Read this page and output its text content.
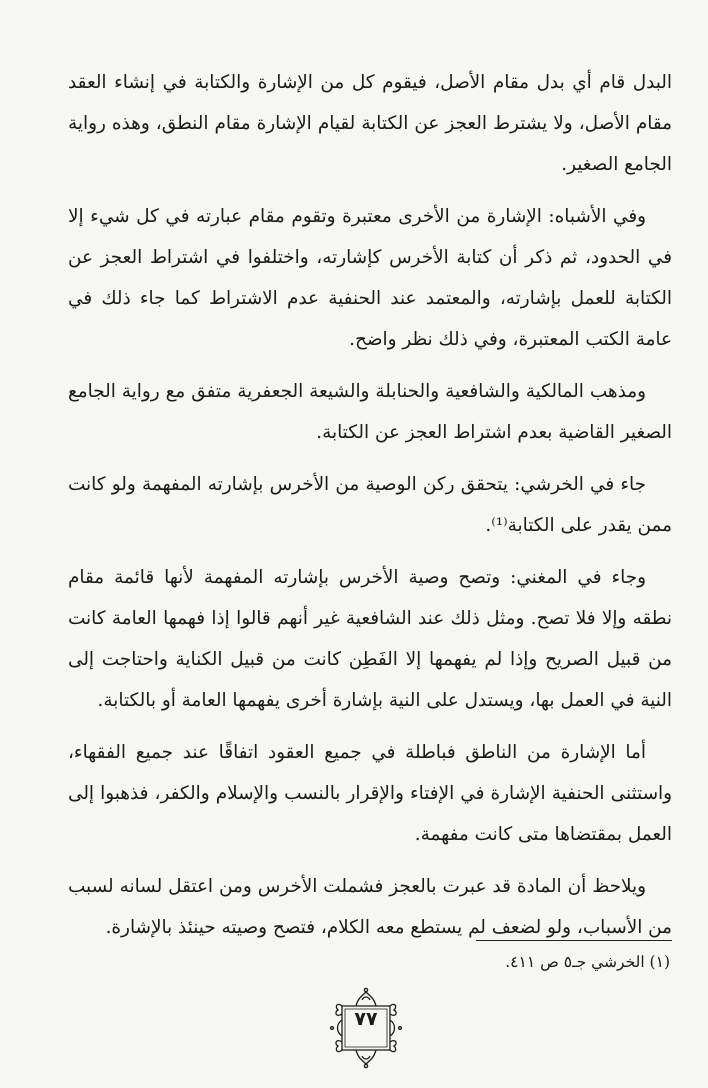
البدل قام أي بدل مقام الأصل، فيقوم كل من الإشارة والكتابة في إنشاء العقد مقام الأصل، ولا يشترط العجز عن الكتابة لقيام الإشارة مقام النطق، وهذه رواية الجامع الصغير.

وفي الأشباه: الإشارة من الأخرى معتبرة وتقوم مقام عبارته في كل شيء إلا في الحدود، ثم ذكر أن كتابة الأخرس كإشارته، واختلفوا في اشتراط العجز عن الكتابة للعمل بإشارته، والمعتمد عند الحنفية عدم الاشتراط كما جاء ذلك في عامة الكتب المعتبرة، وفي ذلك نظر واضح.

ومذهب المالكية والشافعية والحنابلة والشيعة الجعفرية متفق مع رواية الجامع الصغير القاضية بعدم اشتراط العجز عن الكتابة.

جاء في الخرشي: يتحقق ركن الوصية من الأخرس بإشارته المفهمة ولو كانت ممن يقدر على الكتابة⁽¹⁾.

وجاء في المغني: وتصح وصية الأخرس بإشارته المفهمة لأنها قائمة مقام نطقه وإلا فلا تصح. ومثل ذلك عند الشافعية غير أنهم قالوا إذا فهمها العامة كانت من قبيل الصريح وإذا لم يفهمها إلا الفَطِن كانت من قبيل الكناية واحتاجت إلى النية في العمل بها، ويستدل على النية بإشارة أخرى يفهمها العامة أو بالكتابة.

أما الإشارة من الناطق فباطلة في جميع العقود اتفاقًا عند جميع الفقهاء، واستثنى الحنفية الإشارة في الإفتاء والإقرار بالنسب والإسلام والكفر، فذهبوا إلى العمل بمقتضاها متى كانت مفهمة.

ويلاحظ أن المادة قد عبرت بالعجز فشملت الأخرس ومن اعتقل لسانه لسبب من الأسباب، ولو لضعف لم يستطع معه الكلام، فتصح وصيته حينئذ بالإشارة.

(١) الخرشي جـ٥ ص ٤١١.
٧٧
